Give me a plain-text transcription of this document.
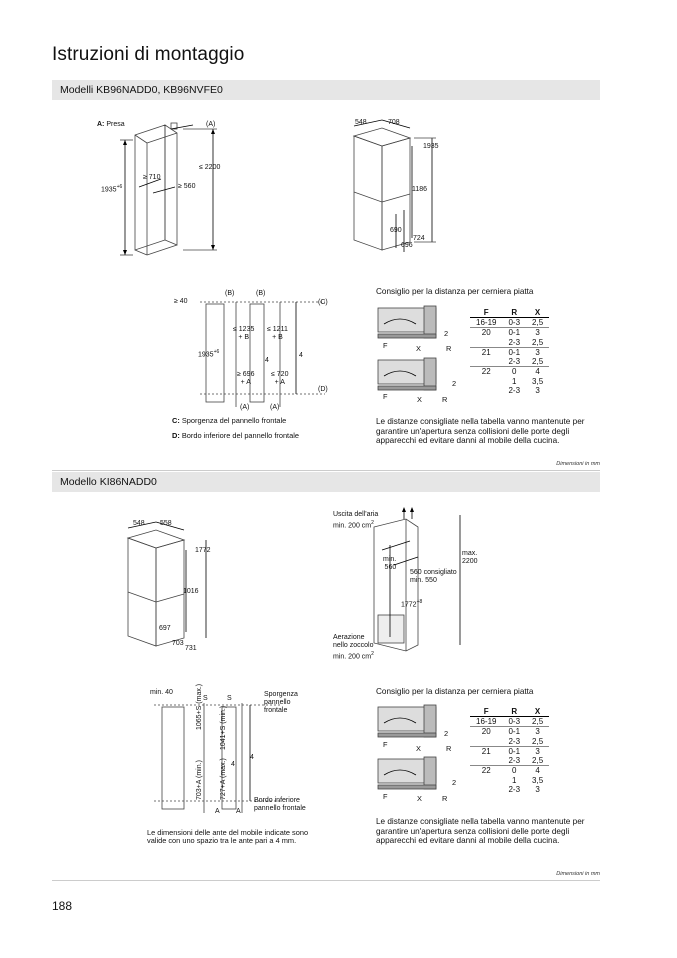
Istruzioni di montaggio
Modelli KB96NADD0, KB96NVFE0
A: Presa	(A)
$1935^{+6}$
≥ 710
≥ 560
≤ 2200
548	708
1935
1186
690
724
696
≥ 40
(B)	(B)
(C)
(D)
(A)	(A)
$1935^{+6}$
≤ 1235
+ B
≤ 1211
+ B
4
4
≥ 696
+ A
≤ 720
+ A
C: Sporgenza del pannello frontale
D: Bordo inferiore del pannello frontale
Consiglio per la distanza per cerniera piatta
2
2
F
F
X
X
R
R
F	R	X
16-19	0-3	2,5
20	0-1	3
	2-3	2,5
21	0-1	3
	2-3	2,5
22	0	4
	1	3,5
	2-3	3
Le distanze consigliate nella tabella vanno mantenute per garantire un'apertura senza collisioni delle porte degli apparecchi ed evitare danni al mobile della cucina.
Dimensioni in mm
Modello KI86NADD0
548 558
1772
1016
697
703
731
Uscita dell'aria
min. 200 $cm^2$
min.
560
560 consigliato
min. 550
$1772^{+8}$
max.
2200
Aerazione
nello zoccolo
min. 200 $cm^2$
min. 40
S	S
Sporgenza
pannello
frontale
1065+S (max.)
1041+S (min.)
4
4
703+A (min.)
727+A (max.)
A A
Bordo inferiore
pannello frontale
Le dimensioni delle ante del mobile indicate sono valide con uno spazio tra le ante pari a 4 mm.
Consiglio per la distanza per cerniera piatta
2
2
F
F
X
X
R
R
F	R	X
16-19	0-3	2,5
20	0-1	3
	2-3	2,5
21	0-1	3
	2-3	2,5
22	0	4
	1	3,5
	2-3	3
Le distanze consigliate nella tabella vanno mantenute per garantire un'apertura senza collisioni delle porte degli apparecchi ed evitare danni al mobile della cucina.
Dimensioni in mm
188
